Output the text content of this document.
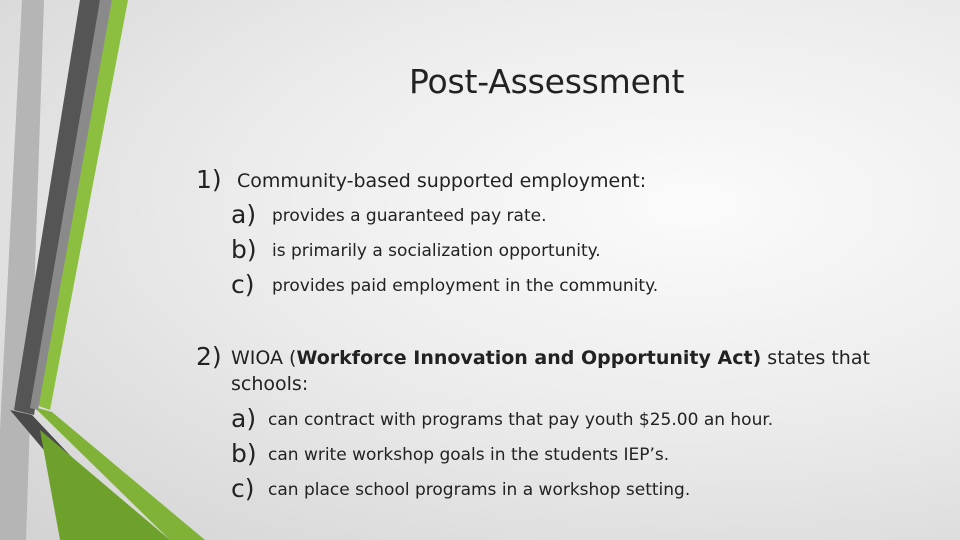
Post-Assessment
1) Community-based supported employment:
a) provides a guaranteed pay rate.
b) is primarily a socialization opportunity.
c) provides paid employment in the community.
2) WIOA (Workforce Innovation and Opportunity Act) states that
schools:
a) can contract with programs that pay youth $25.00 an hour.
b) can write workshop goals in the students IEP’s.
c) can place school programs in a workshop setting.
